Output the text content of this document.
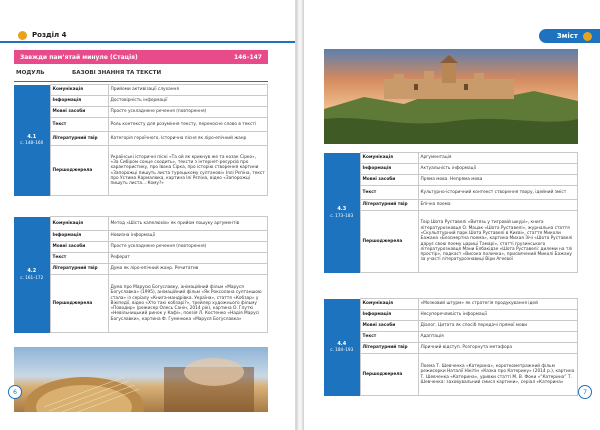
Розділ 4
Завжди пам’ятай минуле (Стація)	146–147
МОДУЛЬ	БАЗОВІ ЗНАННЯ ТА ТЕКСТИ
4.1
с. 148–160	Комунікація	Прийоми активізації слухання
	Інформація	Достовірність інформації
	Мовні засоби	Просте ускладнене речення (повторення)
	Текст	Роль контексту для розуміння тексту, переносне слово в тексті
	Літературний твір	Категорія героїчного. Історична пісня як ліро-епічний жанр
	Першоджерела	Українські історичні пісні «Та ой як крикнув же та козак Сірко», «За Сибіром сонце сходить», тексти з інтернет-ресурсів про характеристику, про Івана Сірка, про історію створення картини «Запорожці пишуть листа турецькому султанові» Іллі Рєпіна, текст про Устима Кармалюка, картина Ілі Рєпіна, відео «Запорожці пишуть листа... Кому?»
4.2
с. 161–172	Комунікація	Метод «Шість капелюхів» як прийом пошуку аргументів
	Інформація	Новизна інформації
	Мовні засоби	Просте ускладнене речення (повторення)
	Текст	Реферат
	Літературний твір	Дума як ліро-епічний жанр. Речитатив
	Першоджерела	Дума про Марусю Богуславку, анімаційний фільм «Маруся Богуславка» (1995), анімаційний фільм «Як Роксолана султаншою стала» із серіалу «Книга-мандрівка. Україна», стаття «Кобзар» у Вікіпедії, відео «Хто такі кобзарі?», трейлер художнього фільму «Поводир» (режисер Олесь Санін, 2014 рік), картина О. Глуткі «Невільницький ринок у Кафі», поезія Л. Костенко «Надія Марусі Богуславки», картина Ф. Гуменюка «Маруся Богуславка»
6
Зміст
4.3
с. 173–183	Комунікація	Аргументація
	Інформація	Актуальність інформації
	Мовні засоби	Пряма мова. Непряма мова
	Текст	Культурно-історичний контекст створення твору, ідейний зміст
	Літературний твір	Епічна поема
	Першоджерела	Твір Шота Руставелі «Витязь у тигровій шкурі», книга літературознавця О. Мацак «Шота Руставелі», журнальна стаття «Скульптурний парк Шота Руставелі в Києві», стаття Миколи Бажана «Безсмертна поема», картина Михая Зічі «Шота Руставелі дарує свою поему цариці Тамарі», статті грузинського літературознавця Мани Елбакідзе «Шота Руставелі: дилеми на тлі простір», подкаст «Висока поличка», присвячений Миколі Бажану за участі літературознавиці Віри Агеєвої
4.4
с. 184–193	Комунікація	«Мозковий штурм» як стратегія продукування ідей
	Інформація	Несуперечливість інформації
	Мовні засоби	Діалог. Цитата як спосіб передачі прямої мови
	Текст	Адаптація
	Літературний твір	Ліричний відступ. Розгорнута метафора
	Першоджерела	Поема Т. Шевченка «Катерина», короткометражний фільм режисерки Наталії Нікітін «Казка про Катерину» (2014 р.), картина Т. Шевченка «Катерина», уривки статті М. В. Фоки «“Катерина” Т. Шевченка: заховувальний смисл картини», серіал «Катерина»
7
